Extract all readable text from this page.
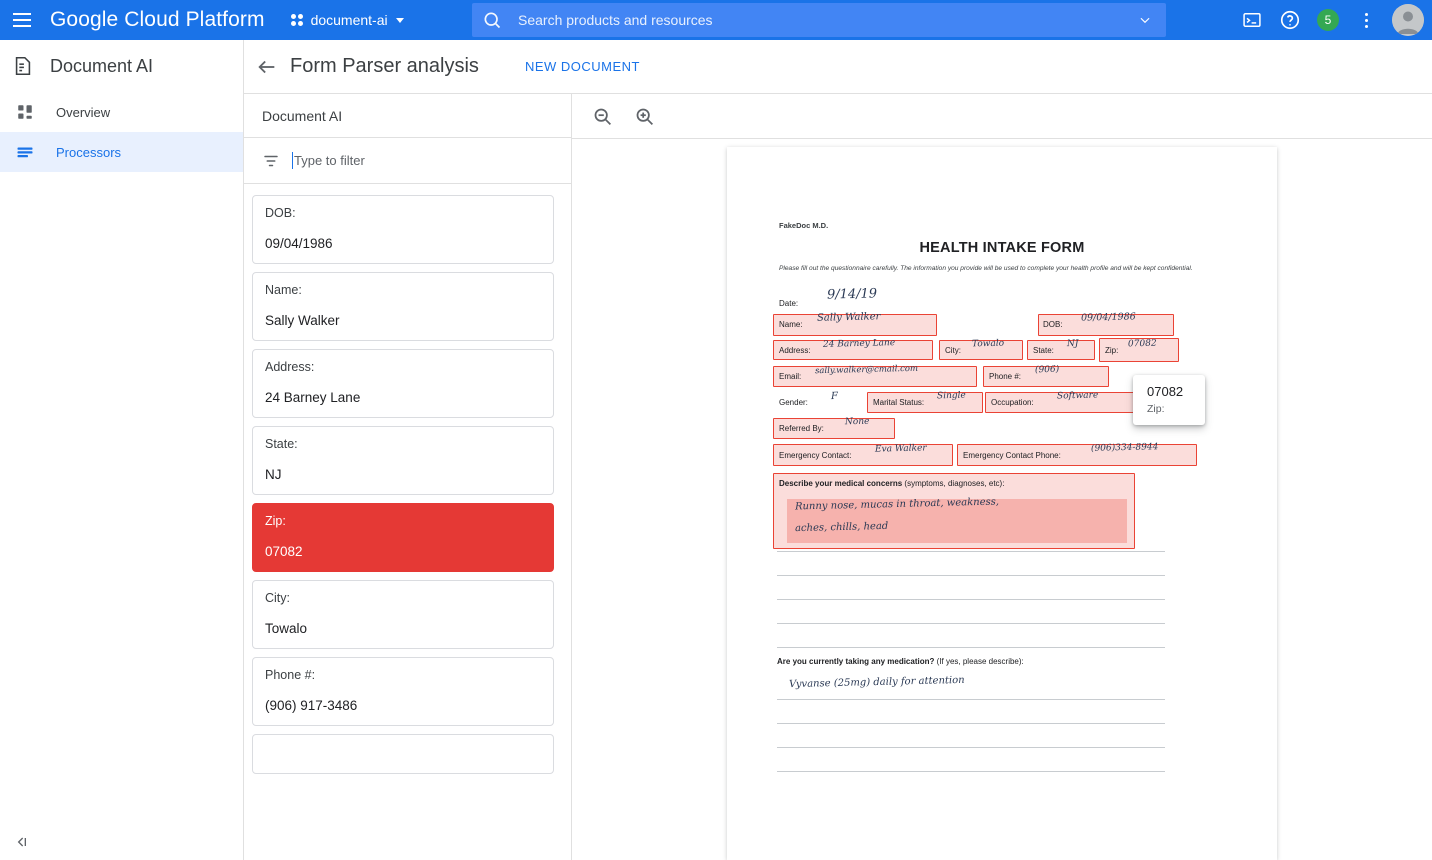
Google Cloud Platform	document-ai
Search products and resources	5
Document AI
Overview
Processors
Form Parser analysis	NEW DOCUMENT
Document AI
Type to filter
DOB:
09/04/1986
Name:
Sally Walker
Address:
24 Barney Lane
State:
NJ
Zip:
07082
City:
Towalo
Phone #:
(906) 917-3486
FakeDoc M.D.
HEALTH INTAKE FORM
Please fill out the questionnaire carefully. The information you provide will be used to complete your health profile and will be kept confidential.
Date:
9/14/19
Name:
Sally Walker
DOB:
09/04/1986
Address:
24 Barney Lane
City:
Towalo
State:
NJ
Zip:
07082
Email:
sally.walker@cmail.com
Phone #:
(906)
Gender:
F
Marital Status:
Single
Occupation:
Software
Referred By:
None
Emergency Contact:
Eva Walker
Emergency Contact Phone:
(906)334-8944
Describe your medical concerns (symptoms, diagnoses, etc):
Runny nose, mucas in throat, weakness,
aches, chills, head
Are you currently taking any medication? (If yes, please describe):
Vyvanse (25mg) daily for attention
07082
Zip:
